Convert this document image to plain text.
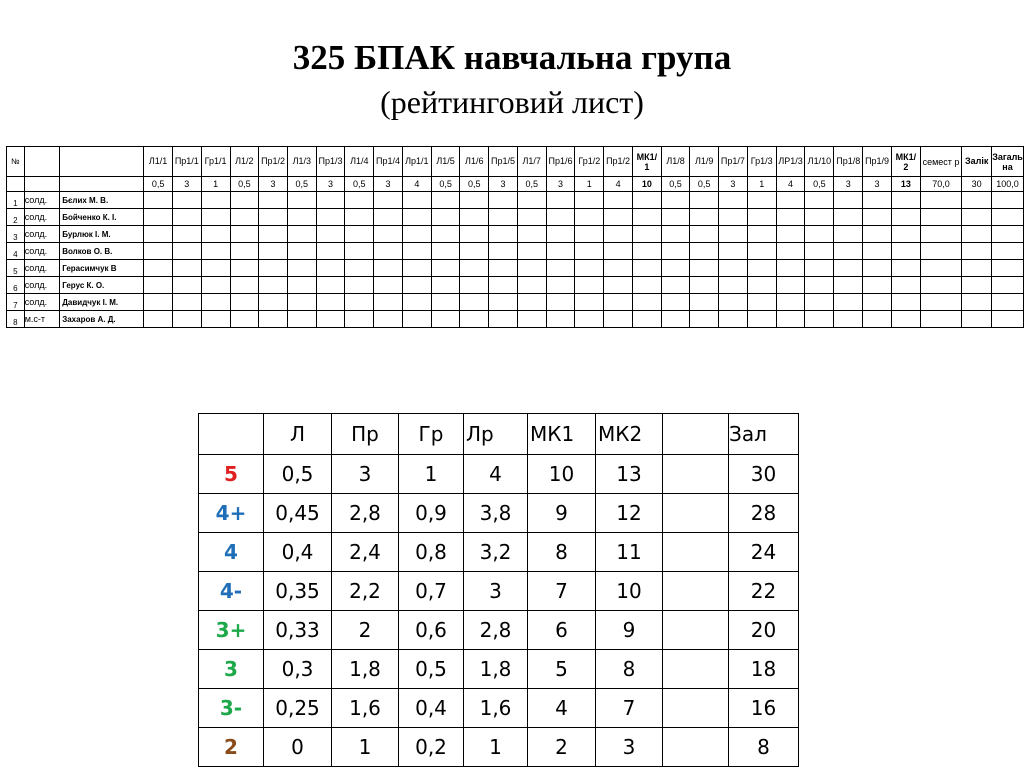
325 БПАК навчальна група
(рейтинговий лист)
№			Л1/1	Пр1/1	Гр1/1	Л1/2	Пр1/2	Л1/3	Пр1/3	Л1/4	Пр1/4	Лр1/1	Л1/5	Л1/6	Пр1/5	Л1/7	Пр1/6	Гр1/2	Пр1/2	МК1/ 1	Л1/8	Л1/9	Пр1/7	Гр1/3	ЛР1/3	Л1/10	Пр1/8	Пр1/9	МК1/ 2	семест р	Залік	Загаль на
			0,5	3	1	0,5	3	0,5	3	0,5	3	4	0,5	0,5	3	0,5	3	1	4	10	0,5	0,5	3	1	4	0,5	3	3	13	70,0	30	100,0
1	солд.	Бєлих М. В.																														
2	солд.	Бойченко К. І.																														
3	солд.	Бурлюк І. М.																														
4	солд.	Волков О. В.																														
5	солд.	Герасимчук В																														
6	солд.	Герус К. О.																														
7	солд.	Давидчук І. М.																														
8	м.с-т	Захаров А. Д.																														
	Л	Пр	Гр	Лр	МК1	МК2		Зал
5	0,5	3	1	4	10	13		30
4+	0,45	2,8	0,9	3,8	9	12		28
4	0,4	2,4	0,8	3,2	8	11		24
4-	0,35	2,2	0,7	3	7	10		22
3+	0,33	2	0,6	2,8	6	9		20
3	0,3	1,8	0,5	1,8	5	8		18
3-	0,25	1,6	0,4	1,6	4	7		16
2	0	1	0,2	1	2	3		8
